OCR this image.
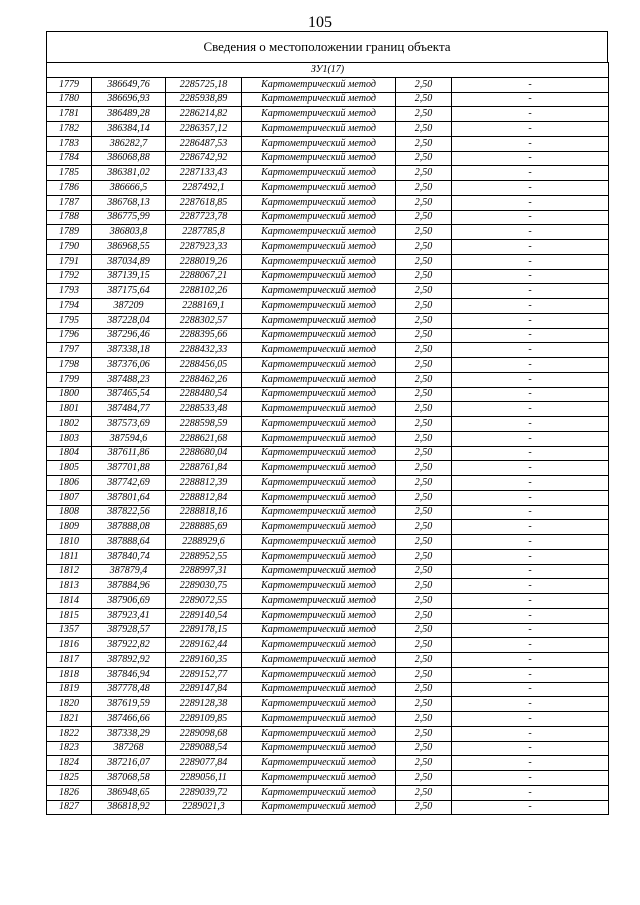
105
Сведения о местоположении границ объекта
ЗУ1(17)					
1779	386649,76	2285725,18	Картометрический метод	2,50	-
1780	386696,93	2285938,89	Картометрический метод	2,50	-
1781	386489,28	2286214,82	Картометрический метод	2,50	-
1782	386384,14	2286357,12	Картометрический метод	2,50	-
1783	386282,7	2286487,53	Картометрический метод	2,50	-
1784	386068,88	2286742,92	Картометрический метод	2,50	-
1785	386381,02	2287133,43	Картометрический метод	2,50	-
1786	386666,5	2287492,1	Картометрический метод	2,50	-
1787	386768,13	2287618,85	Картометрический метод	2,50	-
1788	386775,99	2287723,78	Картометрический метод	2,50	-
1789	386803,8	2287785,8	Картометрический метод	2,50	-
1790	386968,55	2287923,33	Картометрический метод	2,50	-
1791	387034,89	2288019,26	Картометрический метод	2,50	-
1792	387139,15	2288067,21	Картометрический метод	2,50	-
1793	387175,64	2288102,26	Картометрический метод	2,50	-
1794	387209	2288169,1	Картометрический метод	2,50	-
1795	387228,04	2288302,57	Картометрический метод	2,50	-
1796	387296,46	2288395,66	Картометрический метод	2,50	-
1797	387338,18	2288432,33	Картометрический метод	2,50	-
1798	387376,06	2288456,05	Картометрический метод	2,50	-
1799	387488,23	2288462,26	Картометрический метод	2,50	-
1800	387465,54	2288480,54	Картометрический метод	2,50	-
1801	387484,77	2288533,48	Картометрический метод	2,50	-
1802	387573,69	2288598,59	Картометрический метод	2,50	-
1803	387594,6	2288621,68	Картометрический метод	2,50	-
1804	387611,86	2288680,04	Картометрический метод	2,50	-
1805	387701,88	2288761,84	Картометрический метод	2,50	-
1806	387742,69	2288812,39	Картометрический метод	2,50	-
1807	387801,64	2288812,84	Картометрический метод	2,50	-
1808	387822,56	2288818,16	Картометрический метод	2,50	-
1809	387888,08	2288885,69	Картометрический метод	2,50	-
1810	387888,64	2288929,6	Картометрический метод	2,50	-
1811	387840,74	2288952,55	Картометрический метод	2,50	-
1812	387879,4	2288997,31	Картометрический метод	2,50	-
1813	387884,96	2289030,75	Картометрический метод	2,50	-
1814	387906,69	2289072,55	Картометрический метод	2,50	-
1815	387923,41	2289140,54	Картометрический метод	2,50	-
1357	387928,57	2289178,15	Картометрический метод	2,50	-
1816	387922,82	2289162,44	Картометрический метод	2,50	-
1817	387892,92	2289160,35	Картометрический метод	2,50	-
1818	387846,94	2289152,77	Картометрический метод	2,50	-
1819	387778,48	2289147,84	Картометрический метод	2,50	-
1820	387619,59	2289128,38	Картометрический метод	2,50	-
1821	387466,66	2289109,85	Картометрический метод	2,50	-
1822	387338,29	2289098,68	Картометрический метод	2,50	-
1823	387268	2289088,54	Картометрический метод	2,50	-
1824	387216,07	2289077,84	Картометрический метод	2,50	-
1825	387068,58	2289056,11	Картометрический метод	2,50	-
1826	386948,65	2289039,72	Картометрический метод	2,50	-
1827	386818,92	2289021,3	Картометрический метод	2,50	-
